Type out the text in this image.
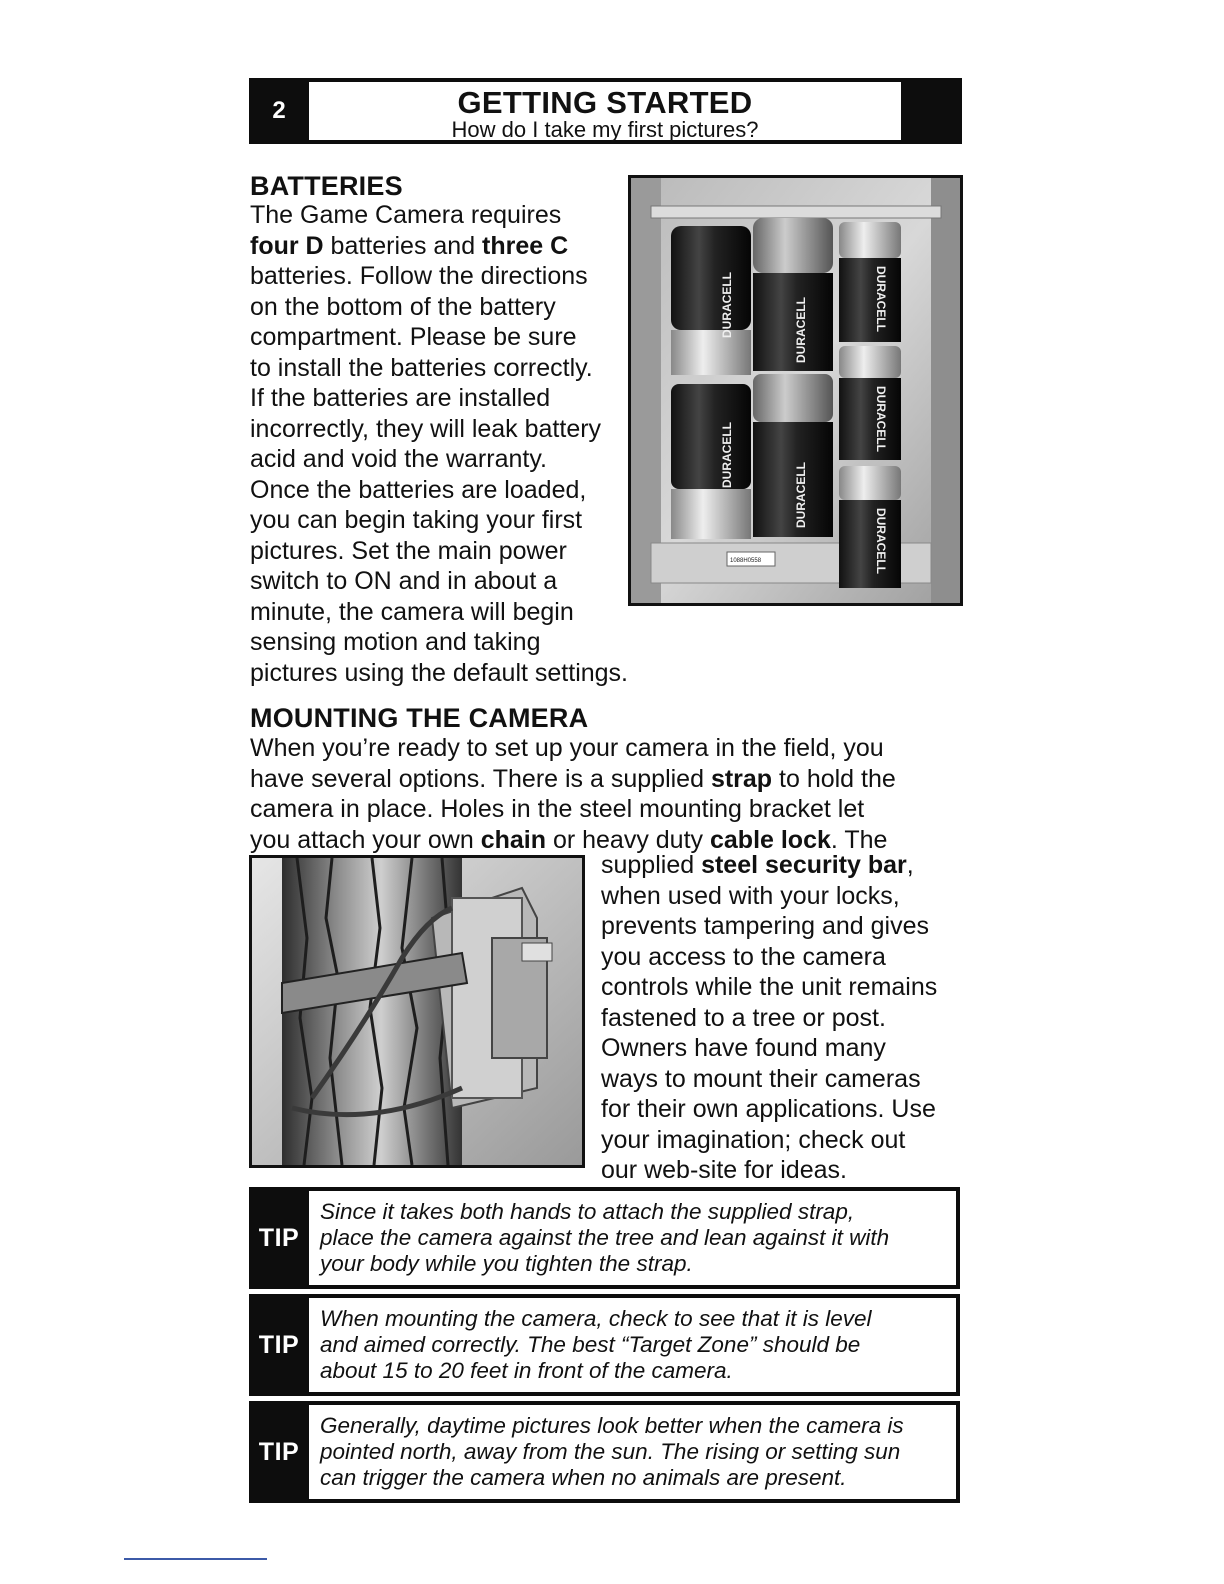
2	GETTING STARTED
How do I take my first pictures?
BATTERIES
The Game Camera requires
four D batteries and three C
batteries. Follow the directions
on the bottom of the battery
compartment. Please be sure
to install the batteries correctly.
If the batteries are installed
incorrectly, they will leak battery
acid and void the warranty.
Once the batteries are loaded,
you can begin taking your first
pictures. Set the main power
switch to ON and in about a
minute, the camera will begin
sensing motion and taking
pictures using the default settings.
DURACELL
DURACELL
DURACELL
DURACELL
DURACELL
DURACELL
DURACELL
1088H0558
MOUNTING THE CAMERA
When you’re ready to set up your camera in the field, you
have several options. There is a supplied strap to hold the
camera in place. Holes in the steel mounting bracket let
you attach your own chain or heavy duty cable lock. The
supplied steel security bar,
when used with your locks,
prevents tampering and gives
you access to the camera
controls while the unit remains
fastened to a tree or post.
Owners have found many
ways to mount their cameras
for their own applications. Use
your imagination; check out
our web-site for ideas.
TIP
Since it takes both hands to attach the supplied strap,
place the camera against the tree and lean against it with
your body while you tighten the strap.
TIP
When mounting the camera, check to see that it is level
and aimed correctly. The best “Target Zone” should be
about 15 to 20 feet in front of the camera.
TIP
Generally, daytime pictures look better when the camera is
pointed north, away from the sun. The rising or setting sun
can trigger the camera when no animals are present.
